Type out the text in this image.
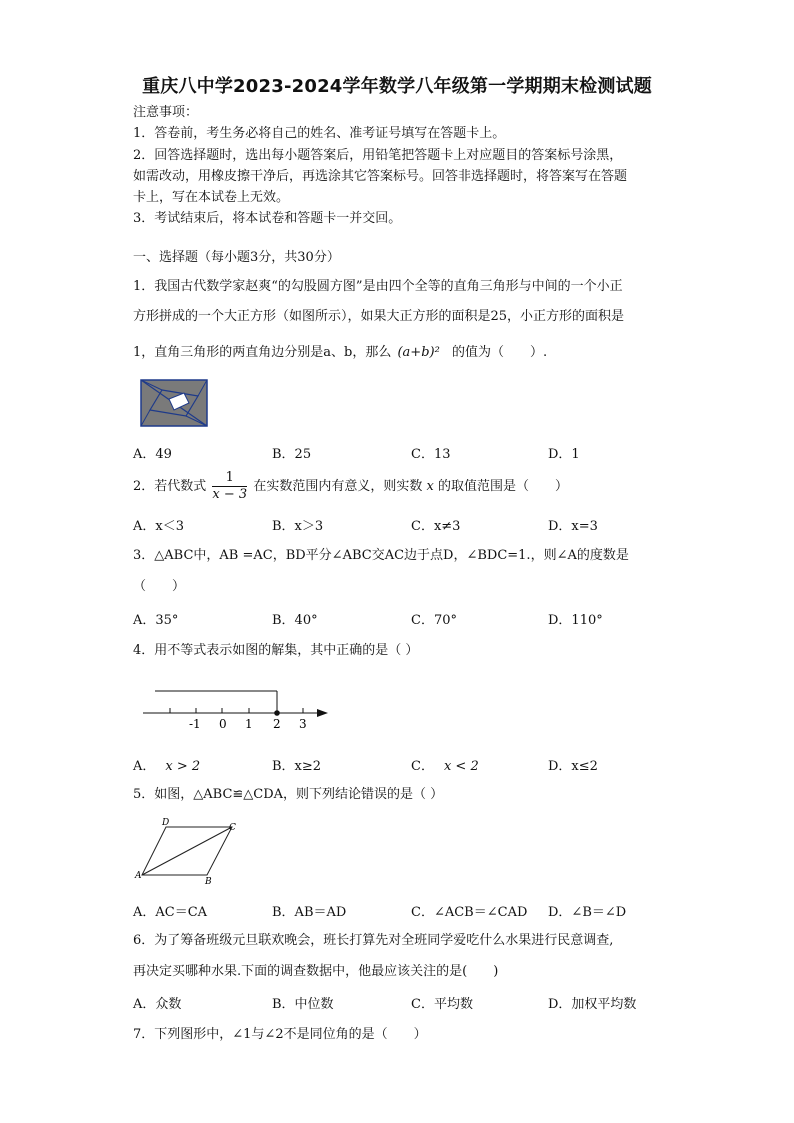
重庆八中学2023-2024学年数学八年级第一学期期末检测试题
注意事项：
1．答卷前，考生务必将自己的姓名、准考证号填写在答题卡上。
2．回答选择题时，选出每小题答案后，用铅笔把答题卡上对应题目的答案标号涂黑，
如需改动，用橡皮擦干净后，再选涂其它答案标号。回答非选择题时，将答案写在答题
卡上，写在本试卷上无效。
3．考试结束后，将本试卷和答题卡一并交回。
一、选择题（每小题3分，共30分）
1．我国古代数学家赵爽“的勾股圆方图”是由四个全等的直角三角形与中间的一个小正
方形拼成的一个大正方形（如图所示），如果大正方形的面积是25，小正方形的面积是
1，直角三角形的两直角边分别是a、b，那么 (a+b)² 的值为（　　）.
A．49	B．25	C．13	D．1
2．若代数式 $\frac{1}{x - 3}$ 在实数范围内有意义，则实数 x 的取值范围是（　　）
A．x＜3	B．x＞3	C．x≠3	D．x=3
3．△ABC中，AB =AC，BD平分∠ABC交AC边于点D，∠BDC=1.，则∠A的度数是
（　　）
A．35°	B．40°	C．70°	D．110°
4．用不等式表示如图的解集，其中正确的是（ ）
-1 0 1 2 3
A． x > 2	B．x≥2	C． x < 2	D．x≤2
5．如图，△ABC≌△CDA，则下列结论错误的是（ ）
D	C
A
B
A．AC＝CA	B．AB＝AD	C．∠ACB＝∠CAD D．∠B＝∠D
6．为了筹备班级元旦联欢晚会，班长打算先对全班同学爱吃什么水果进行民意调查,
再决定买哪种水果.下面的调查数据中，他最应该关注的是(　　)
A．众数	B．中位数	C．平均数	D．加权平均数
7．下列图形中，∠1与∠2不是同位角的是（　　）
